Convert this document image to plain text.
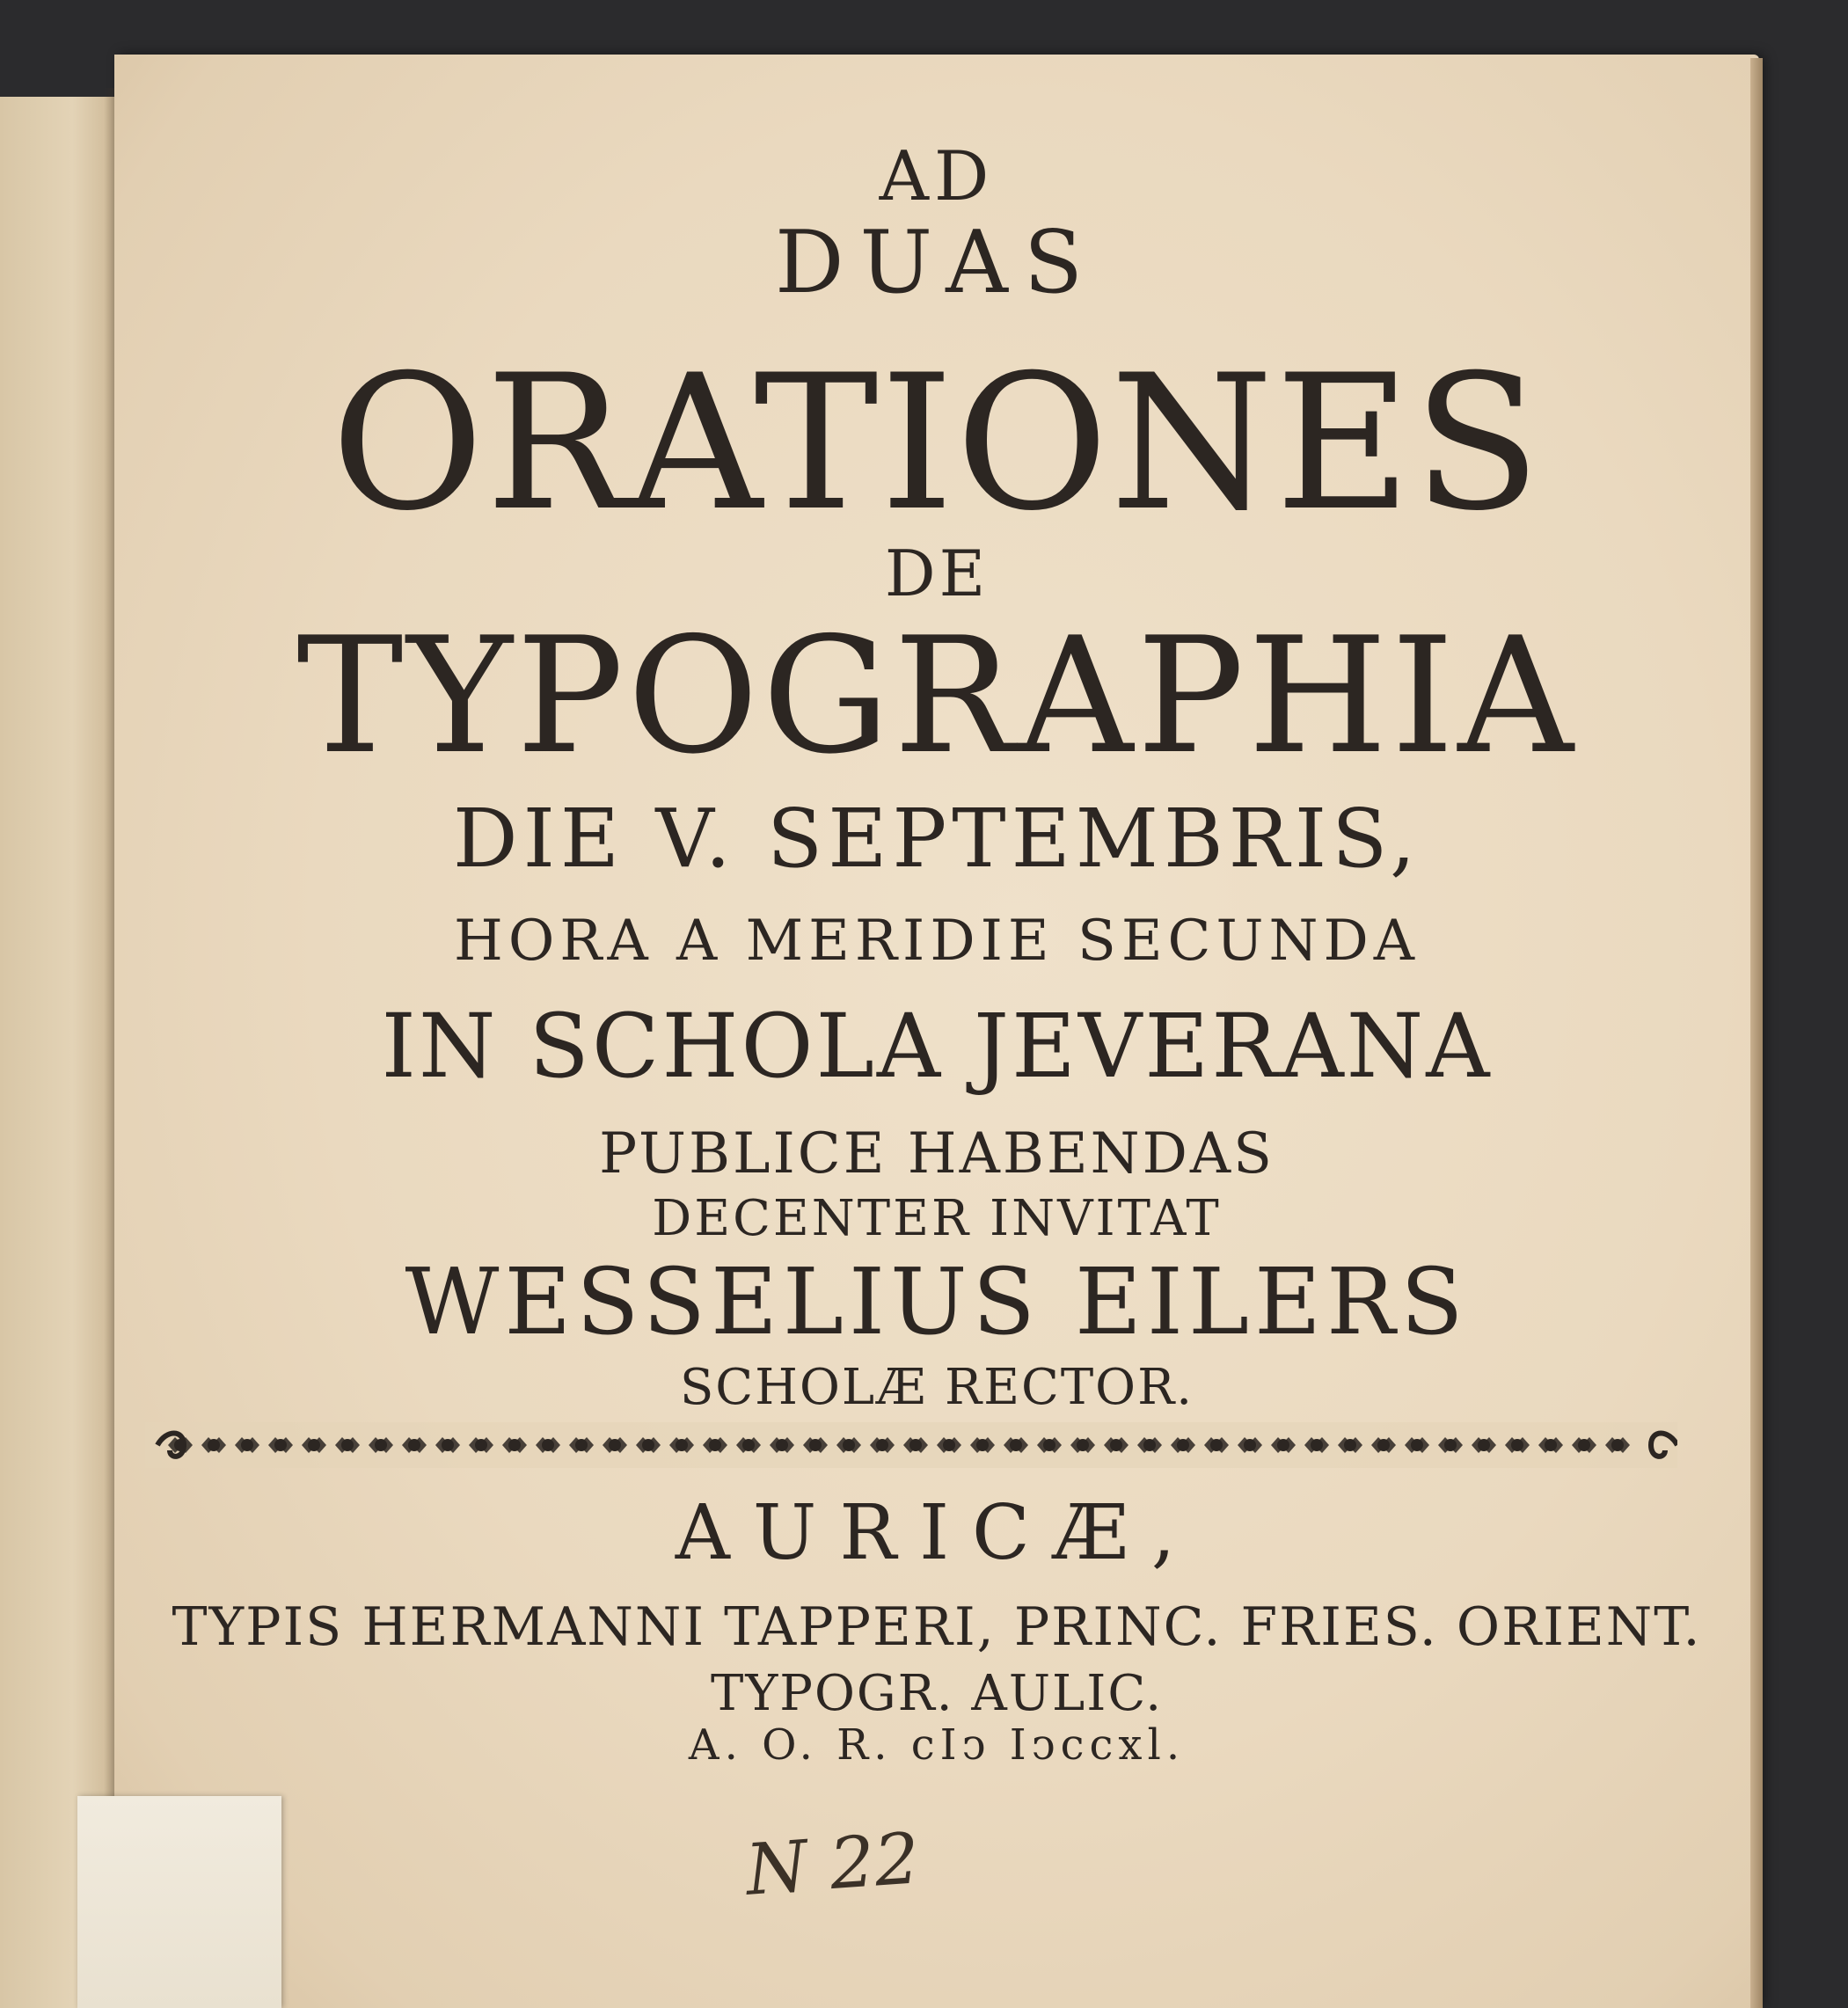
AD
DUAS
ORATIONES
DE
TYPOGRAPHIA
DIE V. SEPTEMBRIS,
HORA A MERIDIE SECUNDA
IN SCHOLA JEVERANA
PUBLICE HABENDAS
DECENTER INVITAT
WESSELIUS EILERS
SCHOLÆ RECTOR.
AURICÆ,
TYPIS HERMANNI TAPPERI, PRINC. FRIES. ORIENT.
TYPOGR. AULIC.
A. O. R. cIↄ Iↄccxl.
N 22
